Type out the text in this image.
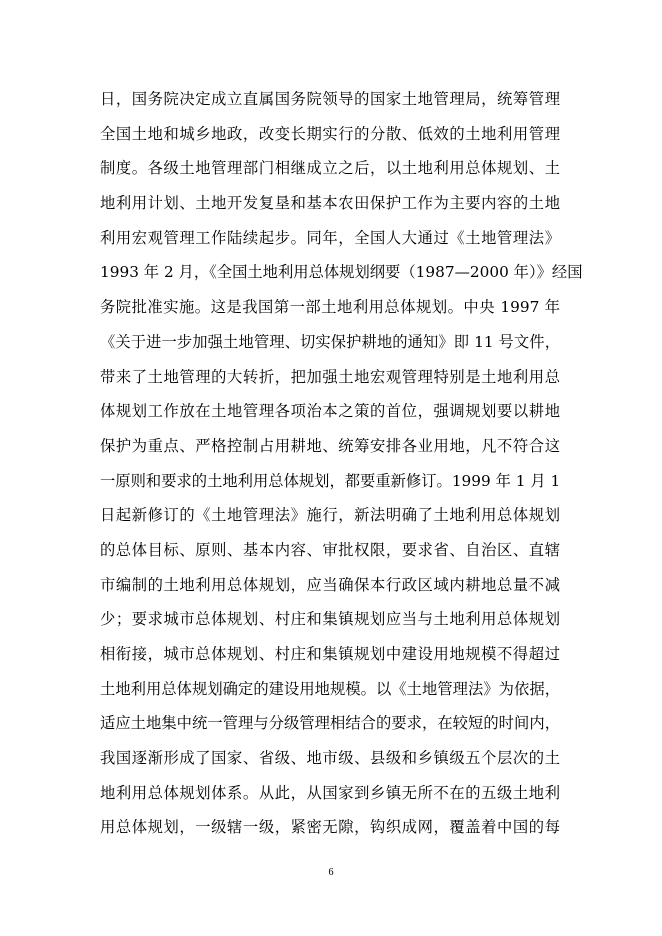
日，国务院决定成立直属国务院领导的国家土地管理局，统筹管理
全国土地和城乡地政，改变长期实行的分散、低效的土地利用管理
制度。各级土地管理部门相继成立之后，以土地利用总体规划、土
地利用计划、土地开发复垦和基本农田保护工作为主要内容的土地
利用宏观管理工作陆续起步。同年，全国人大通过《土地管理法》
1993 年 2 月，《全国土地利用总体规划纲要（1987—2000 年）》经国
务院批准实施。这是我国第一部土地利用总体规划。中央 1997 年
《关于进一步加强土地管理、切实保护耕地的通知》即 11 号文件，
带来了土地管理的大转折，把加强土地宏观管理特别是土地利用总
体规划工作放在土地管理各项治本之策的首位，强调规划要以耕地
保护为重点、严格控制占用耕地、统筹安排各业用地，凡不符合这
一原则和要求的土地利用总体规划，都要重新修订。1999 年 1 月 1
日起新修订的《土地管理法》施行，新法明确了土地利用总体规划
的总体目标、原则、基本内容、审批权限，要求省、自治区、直辖
市编制的土地利用总体规划，应当确保本行政区域内耕地总量不减
少；要求城市总体规划、村庄和集镇规划应当与土地利用总体规划
相衔接，城市总体规划、村庄和集镇规划中建设用地规模不得超过
土地利用总体规划确定的建设用地规模。以《土地管理法》为依据，
适应土地集中统一管理与分级管理相结合的要求，在较短的时间内，
我国逐渐形成了国家、省级、地市级、县级和乡镇级五个层次的土
地利用总体规划体系。从此，从国家到乡镇无所不在的五级土地利
用总体规划，一级辖一级，紧密无隙，钩织成网，覆盖着中国的每
6
